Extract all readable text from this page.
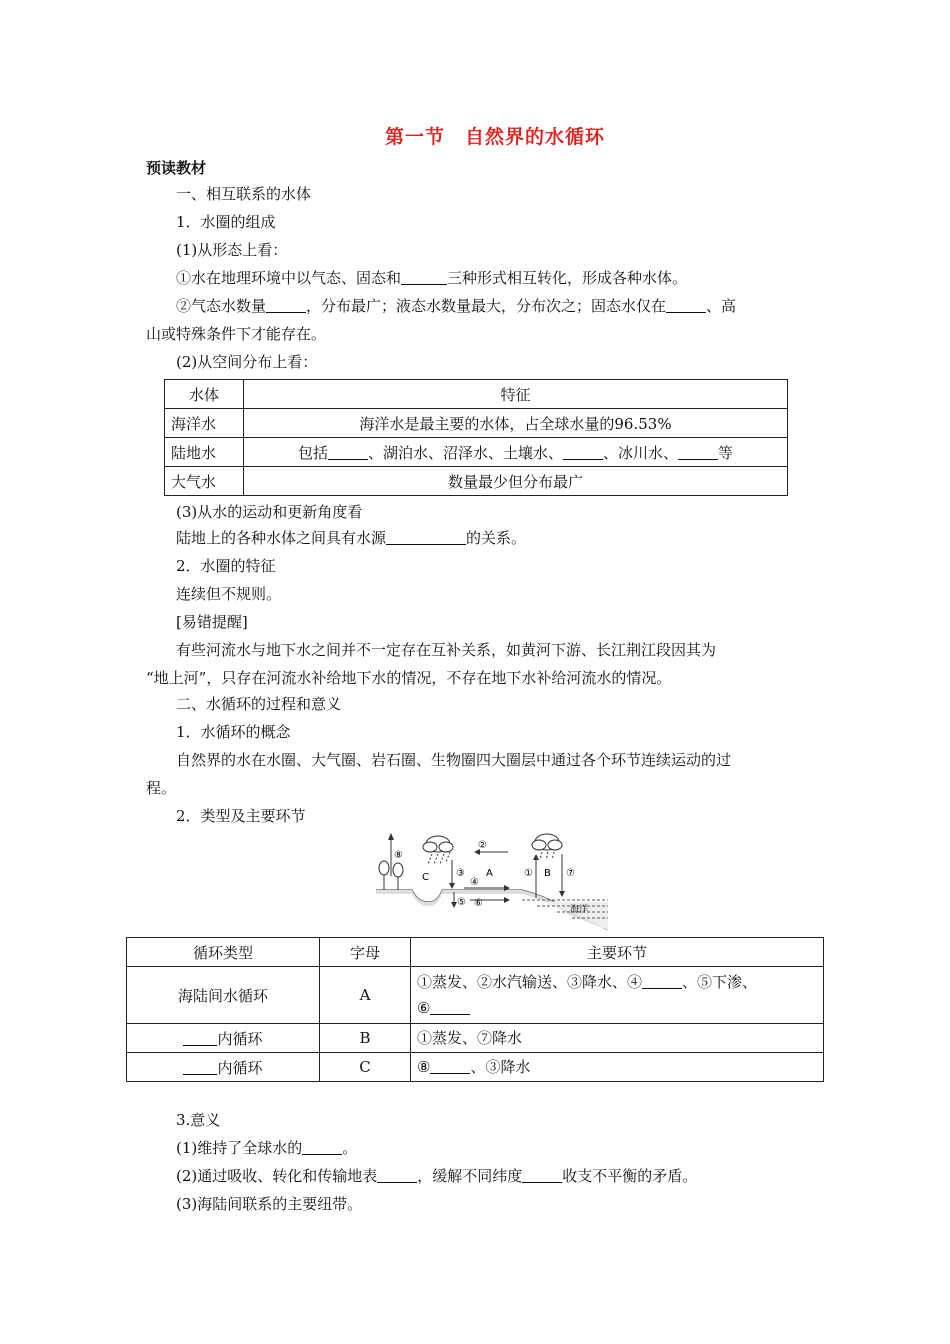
第一节　自然界的水循环
预读教材
一、相互联系的水体
1．水圈的组成
(1)从形态上看：
①水在地理环境中以气态、固态和	三种形式相互转化，形成各种水体。
②气态水数量	，分布最广；液态水数量最大，分布次之；固态水仅在	、高
山或特殊条件下才能存在。
(2)从空间分布上看：
水体	特征
海洋水	海洋水是最主要的水体，占全球水量的96.53%
陆地水	包括 、湖泊水、沼泽水、土壤水、 、冰川水、 等
大气水	数量最少但分布最广
(3)从水的运动和更新角度看
陆地上的各种水体之间具有水源	的关系。
2．水圈的特征
连续但不规则。
[易错提醒]
有些河流水与地下水之间并不一定存在互补关系，如黄河下游、长江荆江段因其为
“地上河”，只存在河流水补给地下水的情况，不存在地下水补给河流水的情况。
二、水循环的过程和意义
1．水循环的概念
自然界的水在水圈、大气圈、岩石圈、生物圈四大圈层中通过各个环节连续运动的过
程。
2．类型及主要环节
海洋
⑧
C	③
②
④
A
⑤ ⑥
① B ⑦
循环类型	字母	主要环节
海陆间水循环	A	①蒸发、②水汽输送、③降水、④ 、⑤下渗、
⑥
内循环	B	①蒸发、⑦降水
内循环	C	⑧ 、③降水
3.意义
(1)维持了全球水的	。
(2)通过吸收、转化和传输地表	，缓解不同纬度	收支不平衡的矛盾。
(3)海陆间联系的主要纽带。
